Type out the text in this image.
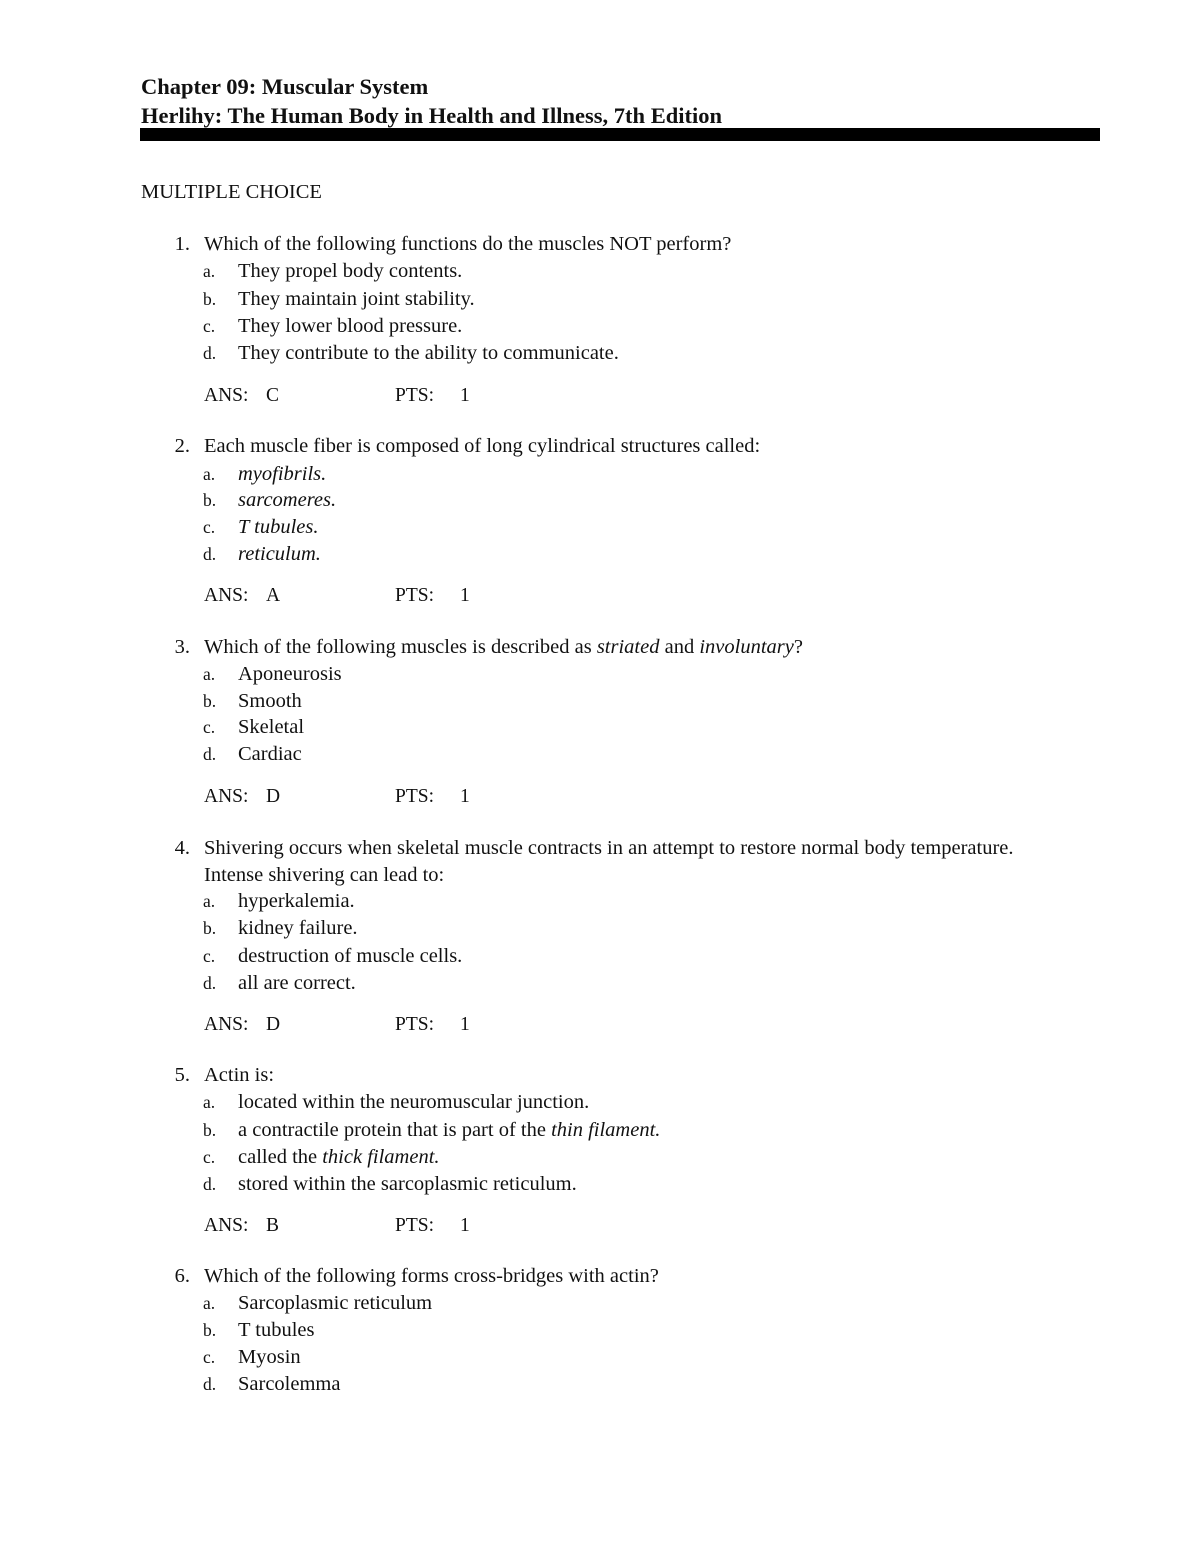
Chapter 09: Muscular System
Herlihy: The Human Body in Health and Illness, 7th Edition
MULTIPLE CHOICE
1. Which of the following functions do the muscles NOT perform?
a. They propel body contents.
b. They maintain joint stability.
c. They lower blood pressure.
d. They contribute to the ability to communicate.
ANS: C	PTS: 1
2. Each muscle fiber is composed of long cylindrical structures called:
a. myofibrils.
b. sarcomeres.
c. T tubules.
d. reticulum.
ANS: A	PTS: 1
3. Which of the following muscles is described as striated and involuntary?
a. Aponeurosis
b. Smooth
c. Skeletal
d. Cardiac
ANS: D	PTS: 1
4. Shivering occurs when skeletal muscle contracts in an attempt to restore normal body temperature. Intense shivering can lead to:
a. hyperkalemia.
b. kidney failure.
c. destruction of muscle cells.
d. all are correct.
ANS: D	PTS: 1
5. Actin is:
a. located within the neuromuscular junction.
b. a contractile protein that is part of the thin filament.
c. called the thick filament.
d. stored within the sarcoplasmic reticulum.
ANS: B	PTS: 1
6. Which of the following forms cross-bridges with actin?
a. Sarcoplasmic reticulum
b. T tubules
c. Myosin
d. Sarcolemma
